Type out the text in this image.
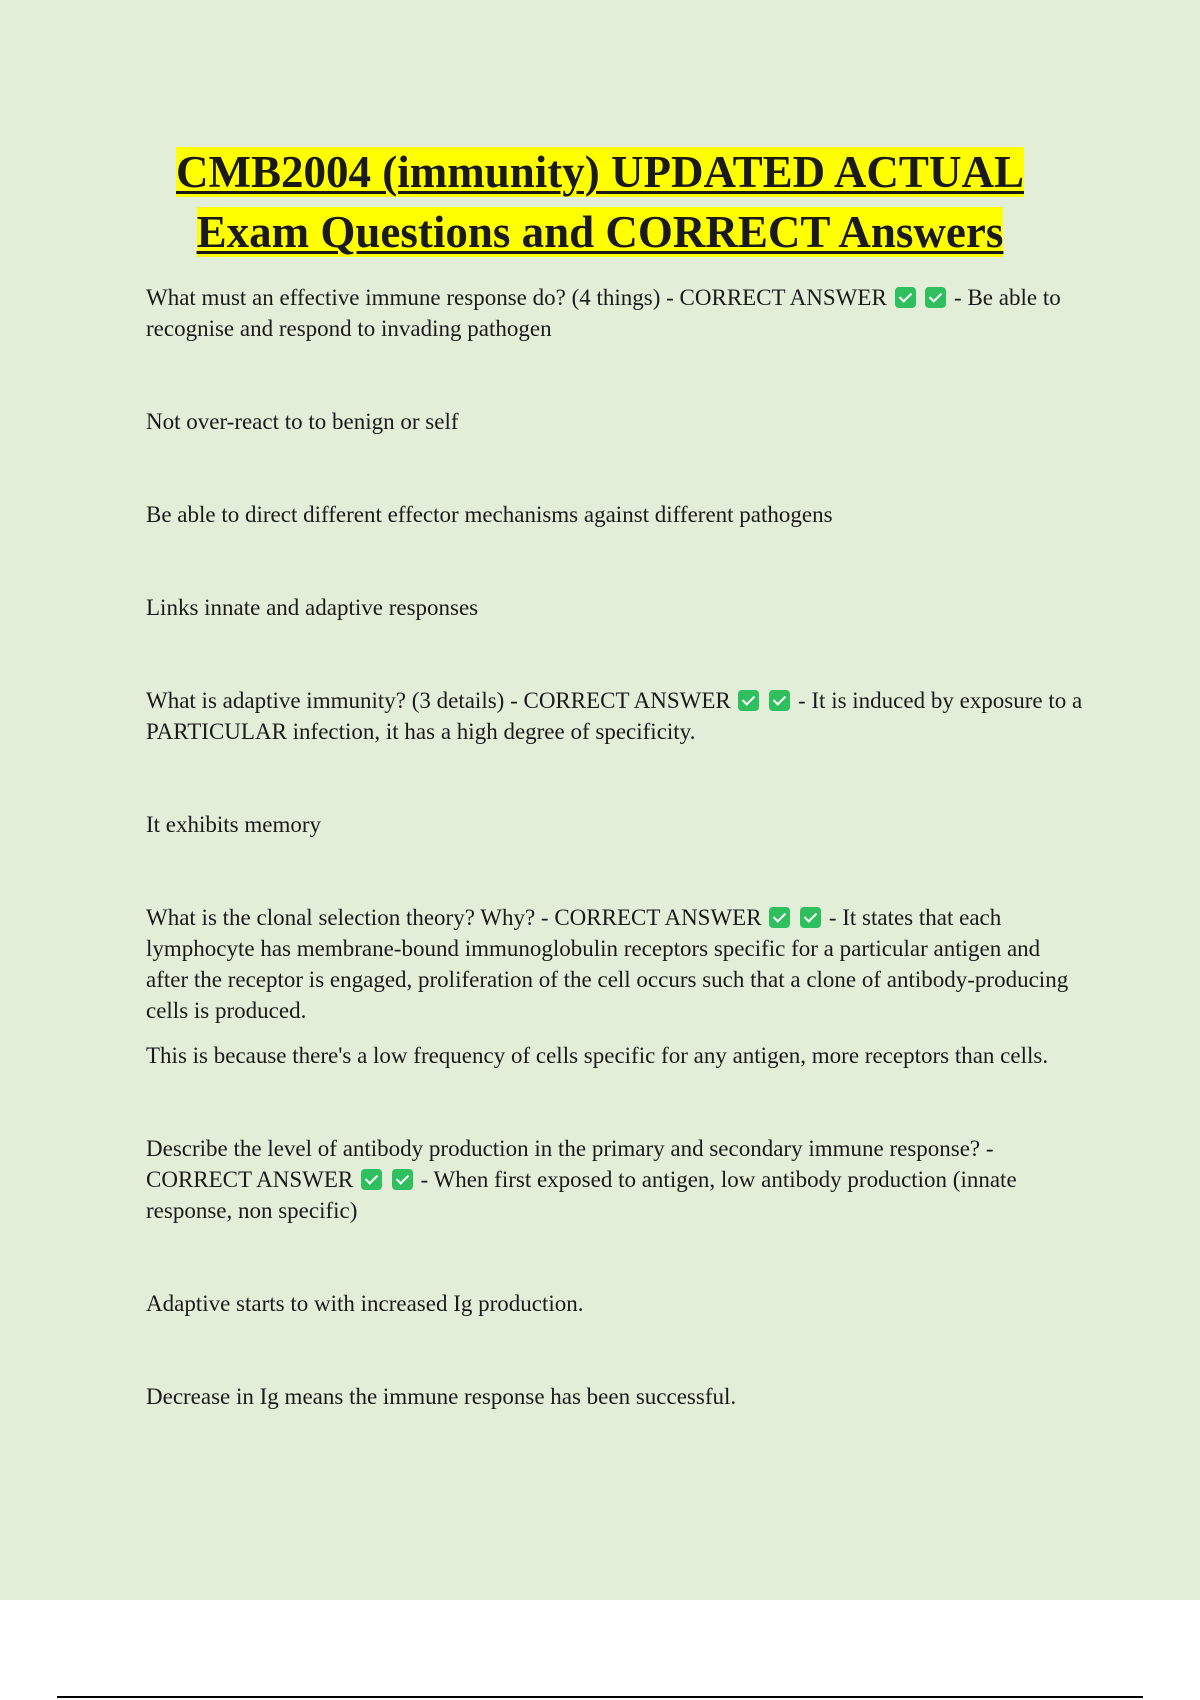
CMB2004 (immunity) UPDATED ACTUAL
Exam Questions and CORRECT Answers

What must an effective immune response do? (4 things) - CORRECT ANSWER	- Be able to recognise and respond to invading pathogen

Not over-react to to benign or self

Be able to direct different effector mechanisms against different pathogens

Links innate and adaptive responses

What is adaptive immunity? (3 details) - CORRECT ANSWER	- It is induced by exposure to a PARTICULAR infection, it has a high degree of specificity.

It exhibits memory

What is the clonal selection theory? Why? - CORRECT ANSWER	- It states that each lymphocyte has membrane-bound immunoglobulin receptors specific for a particular antigen and after the receptor is engaged, proliferation of the cell occurs such that a clone of antibody-producing cells is produced.

This is because there's a low frequency of cells specific for any antigen, more receptors than cells.

Describe the level of antibody production in the primary and secondary immune response? - CORRECT ANSWER	- When first exposed to antigen, low antibody production (innate response, non specific)

Adaptive starts to with increased Ig production.

Decrease in Ig means the immune response has been successful.
